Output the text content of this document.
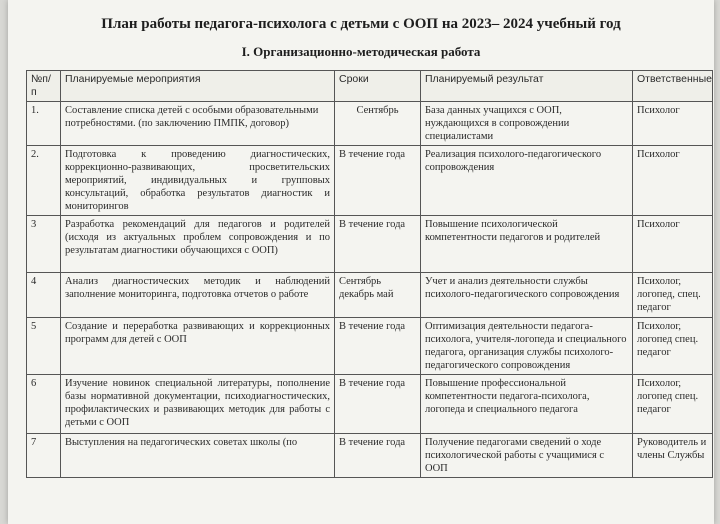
План работы педагога-психолога с детьми с ООП на 2023– 2024 учебный год
I. Организационно-методическая работа
№п/п	Планируемые мероприятия	Сроки	Планируемый результат	Ответственные
1.	Составление списка детей с особыми образовательными потребностями. (по заключению ПМПК, договор)	Сентябрь	База данных учащихся с ООП, нуждающихся в сопровождении специалистами	Психолог
2.	Подготовка к проведению диагностических, коррекционно-развивающих, просветительских мероприятий, индивидуальных и групповых консультаций, обработка результатов диагностик и мониторингов	В течение года	Реализация психолого-педагогического сопровождения	Психолог
3	Разработка рекомендаций для педагогов и родителей (исходя из актуальных проблем сопровождения и по результатам диагностики обучающихся с ООП)	В течение года	Повышение психологической компетентности педагогов и родителей	Психолог
4	Анализ диагностических методик и наблюдений заполнение мониторинга, подготовка отчетов о работе	Сентябрь декабрь май	Учет и анализ деятельности службы психолого-педагогического сопровождения	Психолог, логопед, спец. педагог
5	Создание и переработка развивающих и коррекционных программ для детей с ООП	В течение года	Оптимизация деятельности педагога-психолога, учителя-логопеда и специального педагога, организация службы психолого-педагогического сопровождения	Психолог, логопед спец. педагог
6	Изучение новинок специальной литературы, пополнение базы нормативной документации, психодиагностических, профилактических и развивающих методик для работы с детьми с ООП	В течение года	Повышение профессиональной компетентности педагога-психолога, логопеда и специального педагога	Психолог, логопед спец. педагог
7	Выступления на педагогических советах школы (по	В течение года	Получение педагогами сведений о ходе психологической работы с учащимися с ООП	Руководитель и члены Службы
